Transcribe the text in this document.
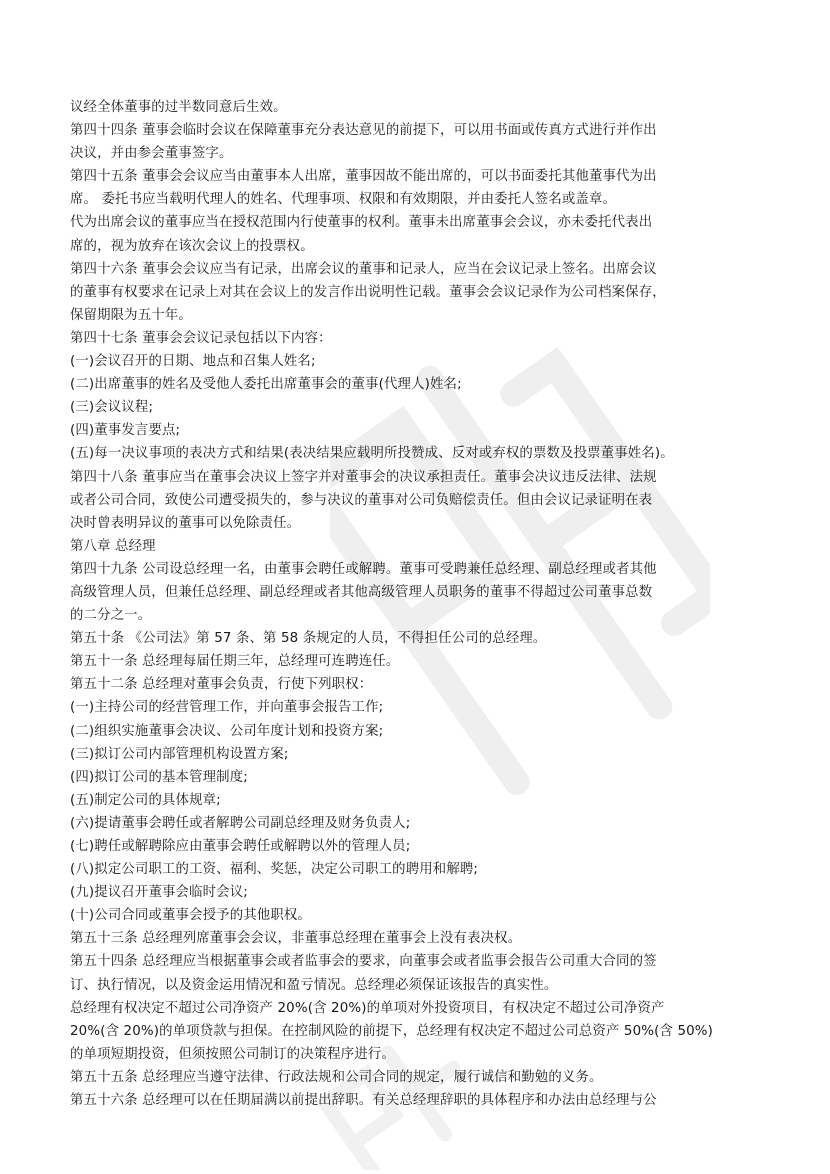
议经全体董事的过半数同意后生效。
第四十四条 董事会临时会议在保障董事充分表达意见的前提下，可以用书面或传真方式进行并作出
决议，并由参会董事签字。
第四十五条 董事会会议应当由董事本人出席，董事因故不能出席的，可以书面委托其他董事代为出
席。 委托书应当载明代理人的姓名、代理事项、权限和有效期限，并由委托人签名或盖章。
代为出席会议的董事应当在授权范围内行使董事的权利。董事未出席董事会会议，亦未委托代表出
席的，视为放弃在该次会议上的投票权。
第四十六条 董事会会议应当有记录，出席会议的董事和记录人，应当在会议记录上签名。出席会议
的董事有权要求在记录上对其在会议上的发言作出说明性记载。董事会会议记录作为公司档案保存，
保留期限为五十年。
第四十七条 董事会会议记录包括以下内容：
(一)会议召开的日期、地点和召集人姓名;
(二)出席董事的姓名及受他人委托出席董事会的董事(代理人)姓名;
(三)会议议程;
(四)董事发言要点;
(五)每一决议事项的表决方式和结果(表决结果应载明所投赞成、反对或弃权的票数及投票董事姓名)。
第四十八条 董事应当在董事会决议上签字并对董事会的决议承担责任。董事会决议违反法律、法规
或者公司合同，致使公司遭受损失的，参与决议的董事对公司负赔偿责任。但由会议记录证明在表
决时曾表明异议的董事可以免除责任。
第八章 总经理
第四十九条 公司设总经理一名，由董事会聘任或解聘。董事可受聘兼任总经理、副总经理或者其他
高级管理人员，但兼任总经理、副总经理或者其他高级管理人员职务的董事不得超过公司董事总数
的二分之一。
第五十条 《公司法》第 57 条、第 58 条规定的人员，不得担任公司的总经理。
第五十一条 总经理每届任期三年，总经理可连聘连任。
第五十二条 总经理对董事会负责，行使下列职权：
(一)主持公司的经营管理工作，并向董事会报告工作;
(二)组织实施董事会决议、公司年度计划和投资方案;
(三)拟订公司内部管理机构设置方案;
(四)拟订公司的基本管理制度;
(五)制定公司的具体规章;
(六)提请董事会聘任或者解聘公司副总经理及财务负责人;
(七)聘任或解聘除应由董事会聘任或解聘以外的管理人员;
(八)拟定公司职工的工资、福利、奖惩，决定公司职工的聘用和解聘;
(九)提议召开董事会临时会议;
(十)公司合同或董事会授予的其他职权。
第五十三条 总经理列席董事会会议，非董事总经理在董事会上没有表决权。
第五十四条 总经理应当根据董事会或者监事会的要求，向董事会或者监事会报告公司重大合同的签
订、执行情况，以及资金运用情况和盈亏情况。总经理必须保证该报告的真实性。
总经理有权决定不超过公司净资产 20%(含 20%)的单项对外投资项目，有权决定不超过公司净资产
20%(含 20%)的单项贷款与担保。在控制风险的前提下，总经理有权决定不超过公司总资产 50%(含 50%)
的单项短期投资，但须按照公司制订的决策程序进行。
第五十五条 总经理应当遵守法律、行政法规和公司合同的规定，履行诚信和勤勉的义务。
第五十六条 总经理可以在任期届满以前提出辞职。有关总经理辞职的具体程序和办法由总经理与公
